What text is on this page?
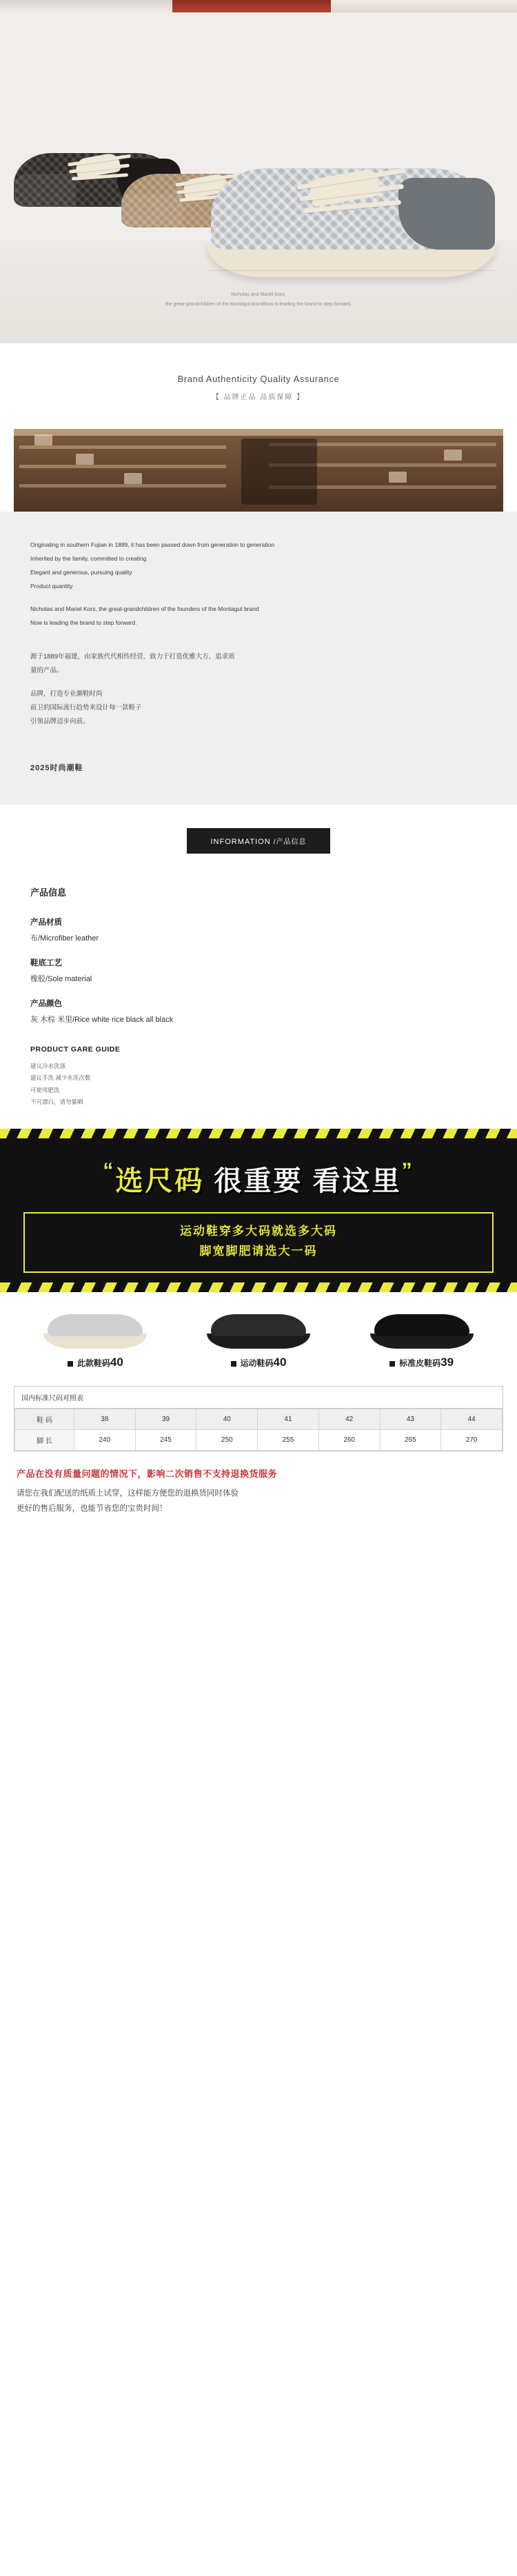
Nicholas and Mariel Kors,
the great-grandchildren of the Montagut brandNow is leading the brand to step forward.
Brand Authenticity Quality Assurance
【 品牌正品 品质保障 】

Originating in southern Fujian in 1889, it has been passed down from generation to generation

Inherited by the family, committed to creating

Elegant and generous, pursuing quality

Product quantity

Nicholas and Mariel Kors, the great-grandchildren of the founders of the Montagut brand

Now is leading the brand to step forward.

源于1889年福建，由家族代代相传经营，致力于打造优雅大方、追求质

量的产品。

品牌，打造专业潮鞋时尚

前卫的国际流行趋势来设计每一款鞋子

引领品牌迈步向前。

2025时尚潮鞋
INFORMATION /产品信息
产品信息
产品材质
布/Microfiber leather
鞋底工艺
橡胶/Sole material
产品颜色
灰 木棕 米里/Rice white rice black all black
PRODUCT GARE GUIDE
建议冷水洗涤
建议手洗 减少水洗次数
可使用肥洗
不可漂白，请勿暴晒
“选尺码 很重要 看这里”
运动鞋穿多大码就选多大码
脚宽脚肥请选大一码
此款鞋码40	运动鞋码40	标准皮鞋码39
国内标准尺码对照表
鞋 码	38	39	40	41	42	43	44
脚 长	240	245	250	255	260	265	270
产品在没有质量问题的情况下，影响二次销售不支持退换货服务
请您在我们配送的纸质上试穿，这样能方便您的退换货同时体验
更好的售后服务，也能节省您的宝贵时间！
